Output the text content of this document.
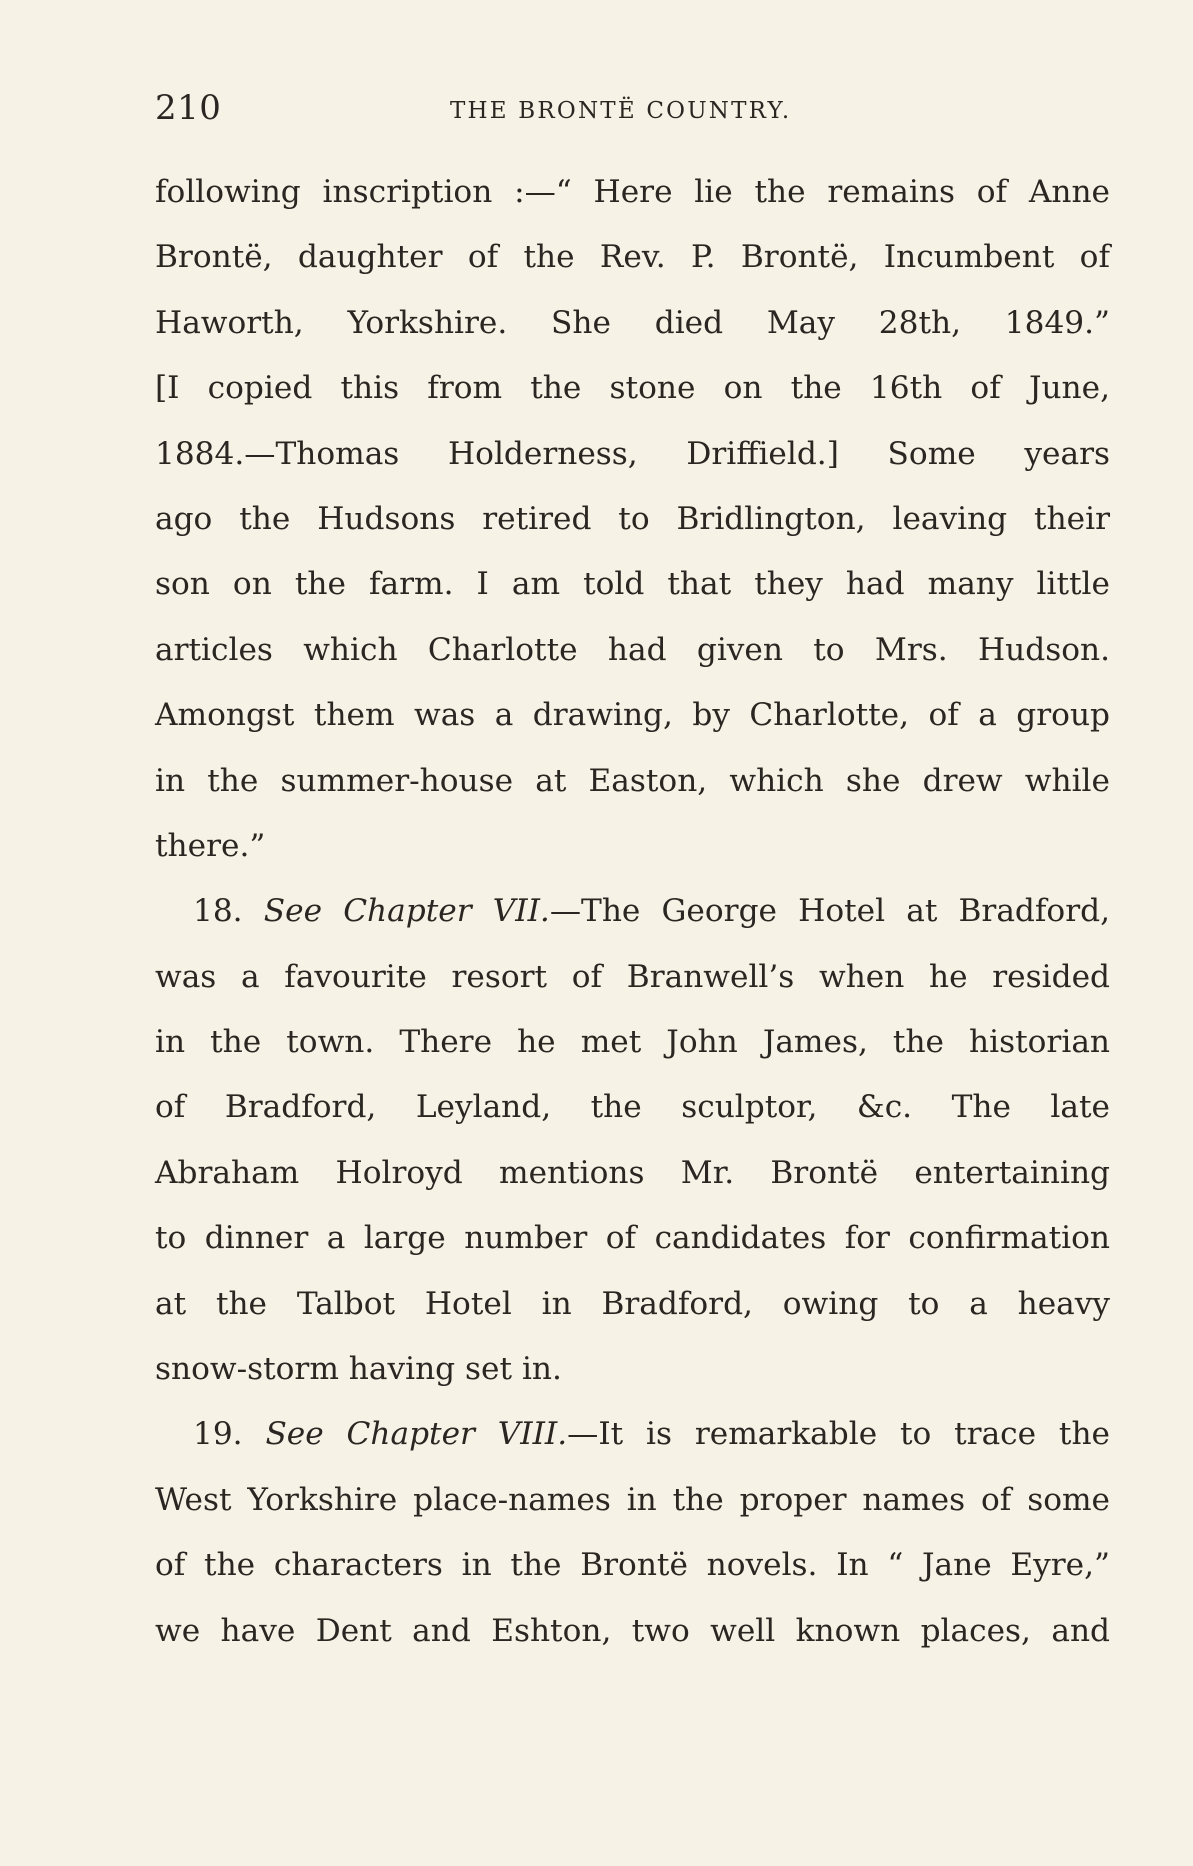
210	THE BRONTË COUNTRY.
following inscription :—“ Here lie the remains of Anne
Brontë, daughter of the Rev. P. Brontë, Incumbent of
Haworth, Yorkshire. She died May 28th, 1849.”
[I copied this from the stone on the 16th of June,
1884.—Thomas Holderness, Driffield.] Some years
ago the Hudsons retired to Bridlington, leaving their
son on the farm. I am told that they had many little
articles which Charlotte had given to Mrs. Hudson.
Amongst them was a drawing, by Charlotte, of a group
in the summer-house at Easton, which she drew while
there.”
18. See Chapter VII.—The George Hotel at Bradford,
was a favourite resort of Branwell’s when he resided
in the town. There he met John James, the historian
of Bradford, Leyland, the sculptor, &c. The late
Abraham Holroyd mentions Mr. Brontë entertaining
to dinner a large number of candidates for confirmation
at the Talbot Hotel in Bradford, owing to a heavy
snow-storm having set in.
19. See Chapter VIII.—It is remarkable to trace the
West Yorkshire place-names in the proper names of some
of the characters in the Brontë novels. In “ Jane Eyre,”
we have Dent and Eshton, two well known places, and
